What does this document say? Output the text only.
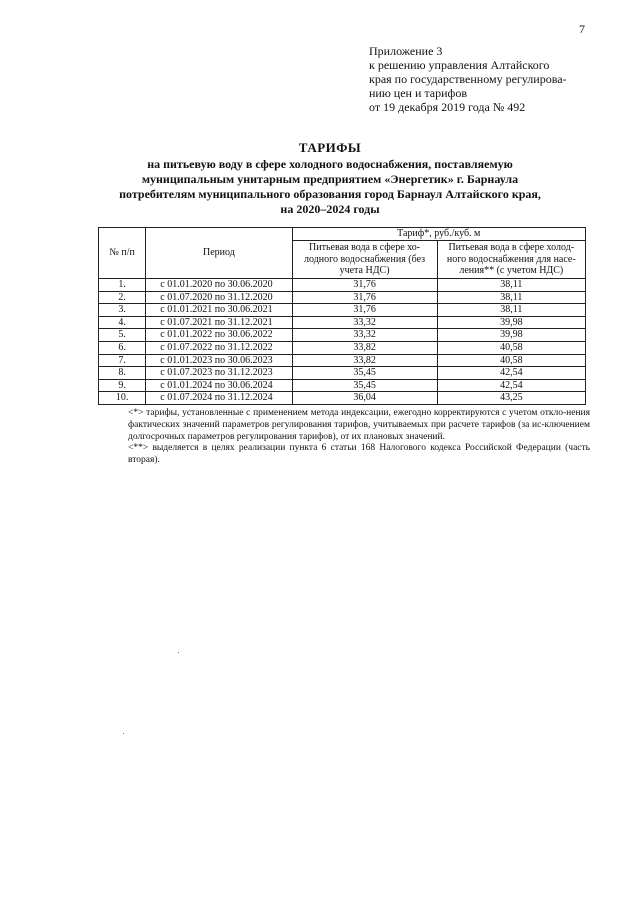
7
Приложение 3
к решению управления Алтайского
края по государственному регулирова-
нию цен и тарифов
от 19 декабря 2019 года № 492
ТАРИФЫ
на питьевую воду в сфере холодного водоснабжения, поставляемую
муниципальным унитарным предприятием «Энергетик» г. Барнаула
потребителям муниципального образования город Барнаул Алтайского края,
на 2020–2024 годы
№ п/п	Период	Тариф*, руб./куб. м	
		Питьевая вода в сфере хо-лодного водоснабжения (без учета НДС)	Питьевая вода в сфере холод-ного водоснабжения для насе-ления** (с учетом НДС)
1.	с 01.01.2020 по 30.06.2020	31,76	38,11
2.	с 01.07.2020 по 31.12.2020	31,76	38,11
3.	с 01.01.2021 по 30.06.2021	31,76	38,11
4.	с 01.07.2021 по 31.12.2021	33,32	39,98
5.	с 01.01.2022 по 30.06.2022	33,32	39,98
6.	с 01.07.2022 по 31.12.2022	33,82	40,58
7.	с 01.01.2023 по 30.06.2023	33,82	40,58
8.	с 01.07.2023 по 31.12.2023	35,45	42,54
9.	с 01.01.2024 по 30.06.2024	35,45	42,54
10.	с 01.07.2024 по 31.12.2024	36,04	43,25

<*> тарифы, установленные с применением метода индексации, ежегодно корректируются с учетом откло-нения фактических значений параметров регулирования тарифов, учитываемых при расчете тарифов (за ис-ключением долгосрочных параметров регулирования тарифов), от их плановых значений.

<**> выделяется в целях реализации пункта 6 статьи 168 Налогового кодекса Российской Федерации (часть вторая).
